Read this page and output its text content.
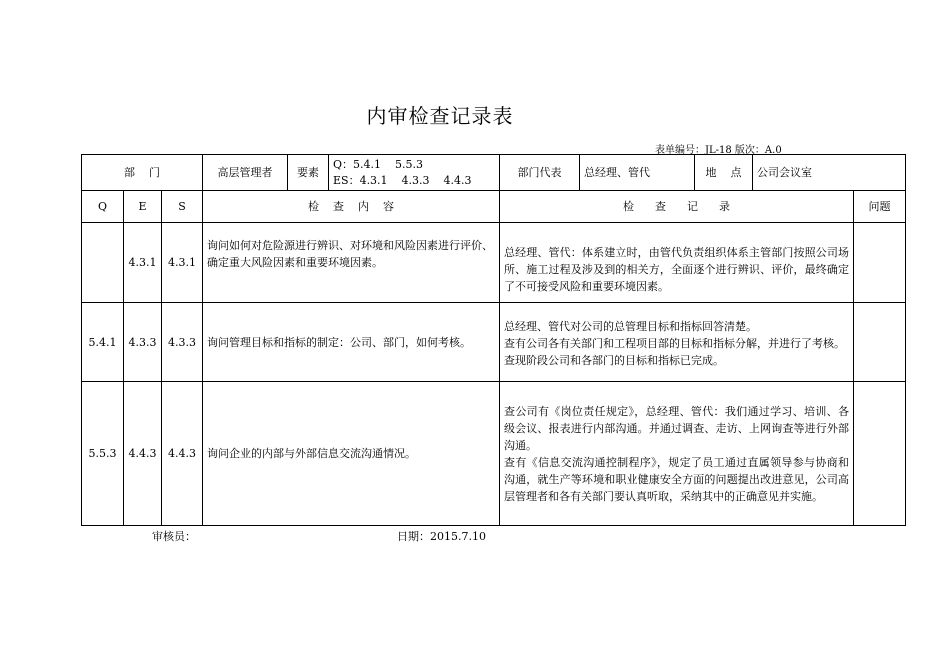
内审检查记录表
表单编号：JL-18 版次：A.0
部    门			高层管理者	要素	Q：5.4.1    5.5.3
ES：4.3.1    4.3.3    4.4.3	部门代表	总经理、管代	地    点	公司会议室	
Q	E	S	检    查    内    容			检      查      记      录				问题
	4.3.1	4.3.1	询问如何对危险源进行辨识、对环境和风险因素进行评价、确定重大风险因素和重要环境因素。			总经理、管代：体系建立时，由管代负责组织体系主管部门按照公司场所、施工过程及涉及到的相关方，全面逐个进行辨识、评价，最终确定了不可接受风险和重要环境因素。				
5.4.1	4.3.3	4.3.3	询问管理目标和指标的制定：公司、部门，如何考核。			总经理、管代对公司的总管理目标和指标回答清楚。
查有公司各有关部门和工程项目部的目标和指标分解，并进行了考核。
查现阶段公司和各部门的目标和指标已完成。				
5.5.3	4.4.3	4.4.3	询问企业的内部与外部信息交流沟通情况。			查公司有《岗位责任规定》，总经理、管代：我们通过学习、培训、各级会议、报表进行内部沟通。并通过调查、走访、上网询查等进行外部沟通。
查有《信息交流沟通控制程序》，规定了员工通过直属领导参与协商和沟通，就生产等环境和职业健康安全方面的问题提出改进意见，公司高层管理者和各有关部门要认真听取，采纳其中的正确意见并实施。				
审核员：	日期：2015.7.10
